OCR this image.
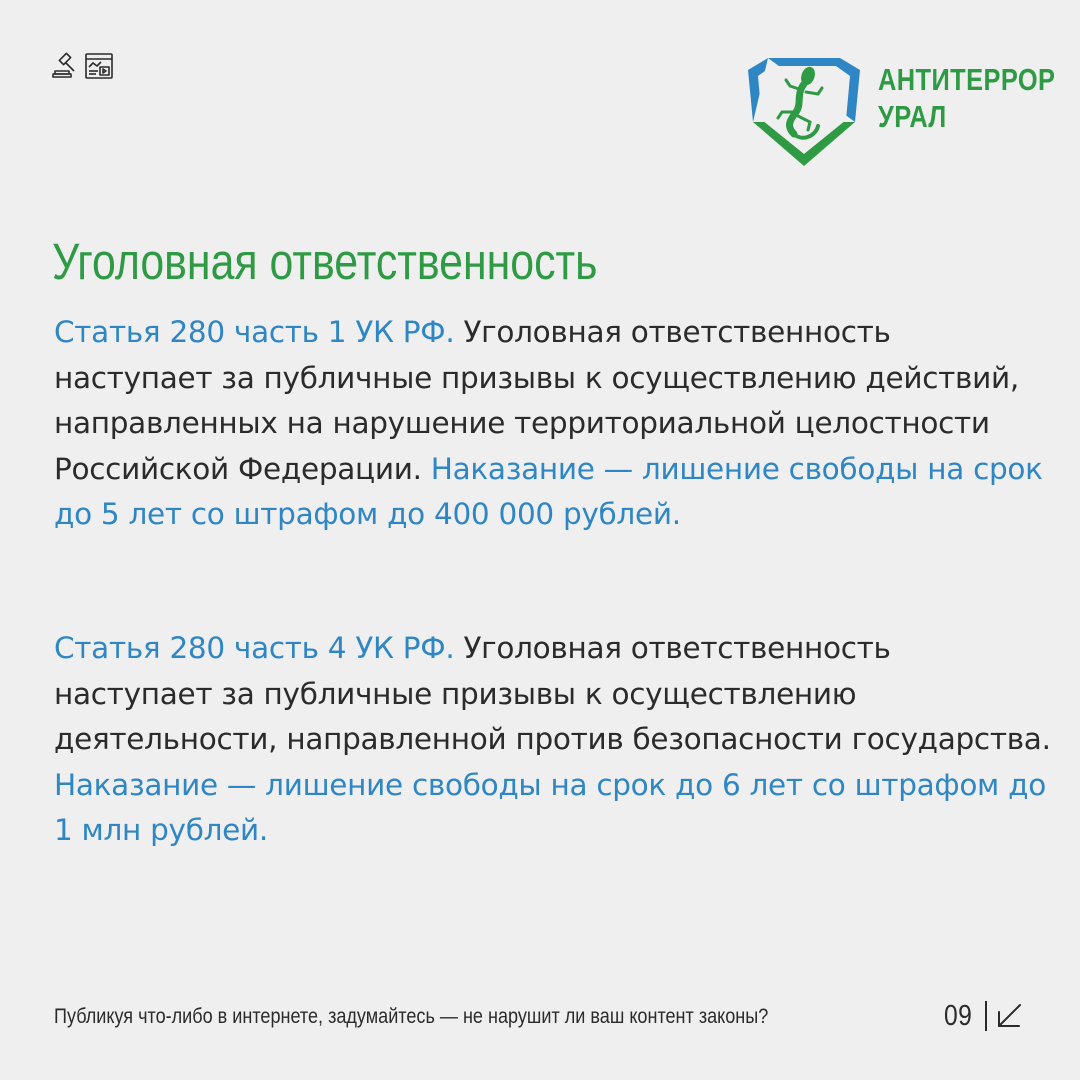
АНТИТЕРРОР
УРАЛ
Уголовная ответственность

Статья 280 часть 1 УК РФ. Уголовная ответственность наступает за публичные призывы к осуществлению действий, направленных на нарушение территориальной целостности Российской Федерации. Наказание — лишение свободы на срок до 5 лет со штрафом до 400 000 рублей.

Статья 280 часть 4 УК РФ. Уголовная ответственность наступает за публичные призывы к осуществлению деятельности, направленной против безопасности государства. Наказание — лишение свободы на срок до 6 лет со штрафом до 1 млн рублей.

Публикуя что-либо в интернете, задумайтесь — не нарушит ли ваш контент законы?	09
